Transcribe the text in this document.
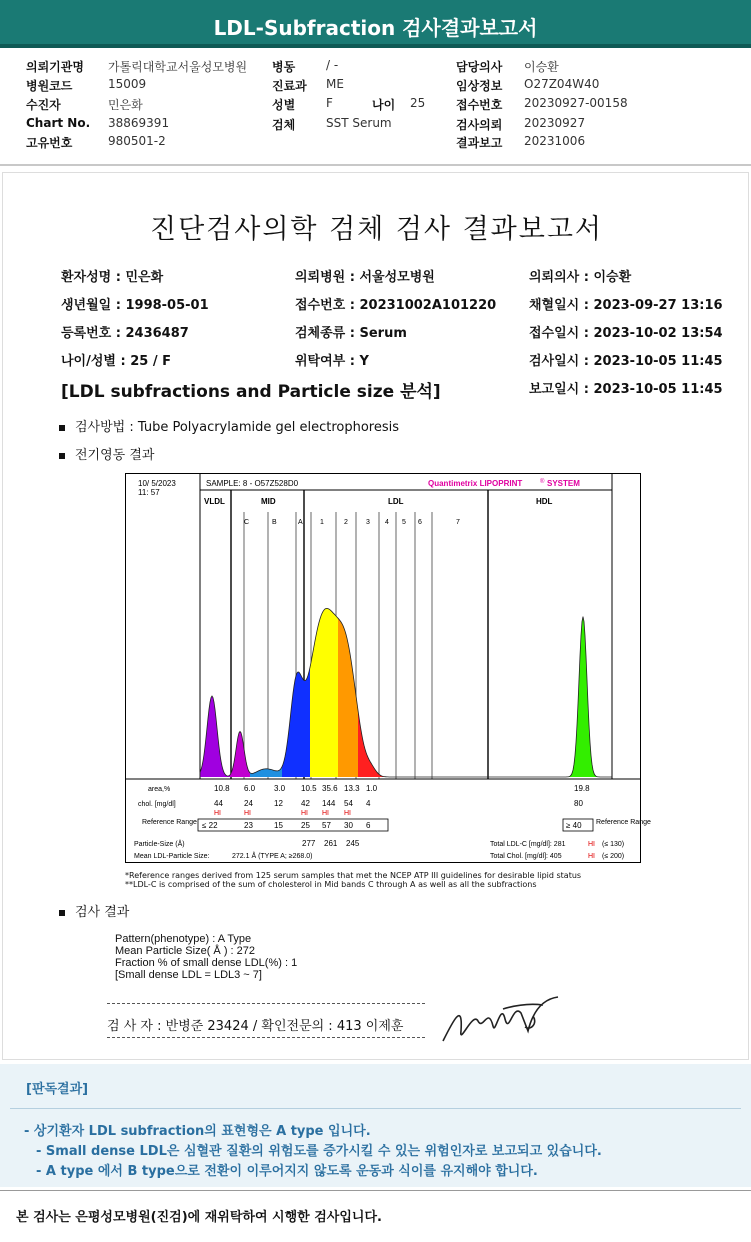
LDL-Subfraction 검사결과보고서
의뢰기관명 가톨릭대학교서울성모병원 병동	/ -	담당의사 이승환
병원코드	15009	진료과 ME	임상정보 O27Z04W40
수진자	민은화	성별	F	나이 25	접수번호 20230927-00158
Chart No. 38869391	검체	SST Serum	검사의뢰 20230927
고유번호	980501-2	결과보고 20231006
진단검사의학 검체 검사 결과보고서
환자성명 : 민은화	의뢰병원 : 서울성모병원	의뢰의사 : 이승환
생년월일 : 1998-05-01	접수번호 : 20231002A101220	채혈일시 : 2023-09-27 13:16
등록번호 : 2436487	검체종류 : Serum	접수일시 : 2023-10-02 13:54
나이/성별 : 25 / F	위탁여부 : Y	검사일시 : 2023-10-05 11:45
보고일시 : 2023-10-05 11:45
[LDL subfractions and Particle size 분석]
검사방법 : Tube Polyacrylamide gel electrophoresis
전기영동 결과
10/ 5/2023
11: 57
SAMPLE: 8 - O57Z528D0	Quantimetrix LIPOPRINT	® SYSTEM
VLDL	MID	LDL	HDL
C	B	A 1	2	3 4 5 6	7
area,%	10.8 6.0 3.0 10.5 35.6 13.3 1.0	19.8
chol. [mg/dl]	44	24	12 42 144 54 4	80
HI	HI	HI HI HI
Reference Range ≤ 22	23	15 25 57 30 6	≥ 40 Reference Range
Particle-Size (Å)	277 261 245
Mean LDL-Particle Size:	272.1 Å (TYPE A; ≥268.0)
Total LDL-C [mg/dl]: 281	HI (≤ 130)
Total Chol. [mg/dl]: 405	HI (≤ 200)
*Reference ranges derived from 125 serum samples that met the NCEP ATP III guidelines for desirable lipid status
**LDL-C is comprised of the sum of cholesterol in Mid bands C through A as well as all the subfractions
검사 결과
Pattern(phenotype) : A Type
Mean Particle Size( Å ) : 272
Fraction % of small dense LDL(%) : 1
[Small dense LDL = LDL3 ~ 7]
검 사 자 : 반병준 23424 / 확인전문의 : 413 이제훈
[판독결과]
- 상기환자 LDL subfraction의 표현형은 A type 입니다.
- Small dense LDL은 심혈관 질환의 위험도를 증가시킬 수 있는 위험인자로 보고되고 있습니다.
- A type 에서 B type으로 전환이 이루어지지 않도록 운동과 식이를 유지해야 합니다.
본 검사는 은평성모병원(진검)에 재위탁하여 시행한 검사입니다.
